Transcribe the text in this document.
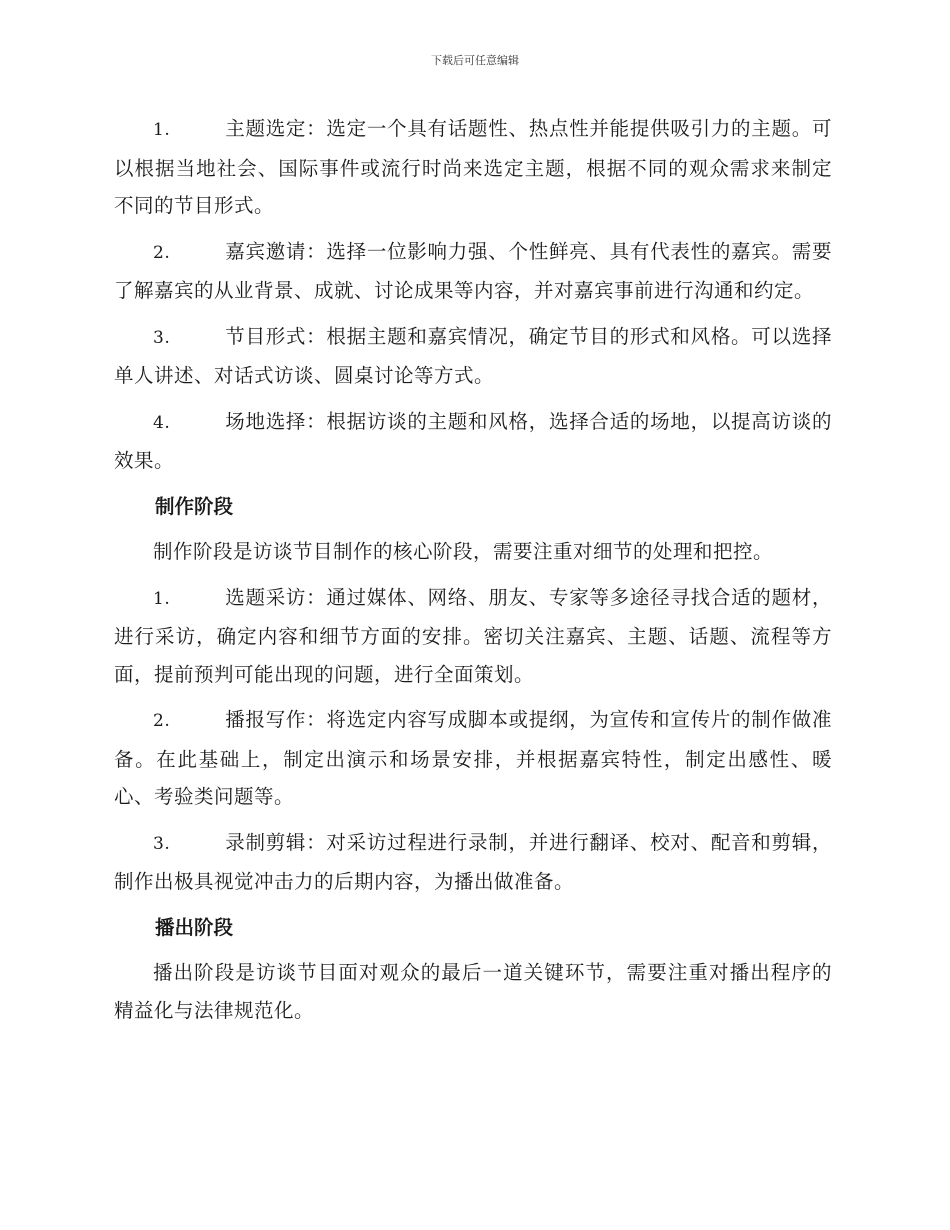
下载后可任意编辑

1.	主题选定：选定一个具有话题性、热点性并能提供吸引力的主题。可以根据当地社会、国际事件或流行时尚来选定主题，根据不同的观众需求来制定不同的节目形式。

2.	嘉宾邀请：选择一位影响力强、个性鲜亮、具有代表性的嘉宾。需要了解嘉宾的从业背景、成就、讨论成果等内容，并对嘉宾事前进行沟通和约定。

3.	节目形式：根据主题和嘉宾情况，确定节目的形式和风格。可以选择单人讲述、对话式访谈、圆桌讨论等方式。

4.	场地选择：根据访谈的主题和风格，选择合适的场地，以提高访谈的效果。

制作阶段

制作阶段是访谈节目制作的核心阶段，需要注重对细节的处理和把控。

1.	选题采访：通过媒体、网络、朋友、专家等多途径寻找合适的题材，进行采访，确定内容和细节方面的安排。密切关注嘉宾、主题、话题、流程等方面，提前预判可能出现的问题，进行全面策划。

2.	播报写作：将选定内容写成脚本或提纲，为宣传和宣传片的制作做准备。在此基础上，制定出演示和场景安排，并根据嘉宾特性，制定出感性、暖心、考验类问题等。

3.	录制剪辑：对采访过程进行录制，并进行翻译、校对、配音和剪辑，制作出极具视觉冲击力的后期内容，为播出做准备。

播出阶段

播出阶段是访谈节目面对观众的最后一道关键环节，需要注重对播出程序的精益化与法律规范化。
